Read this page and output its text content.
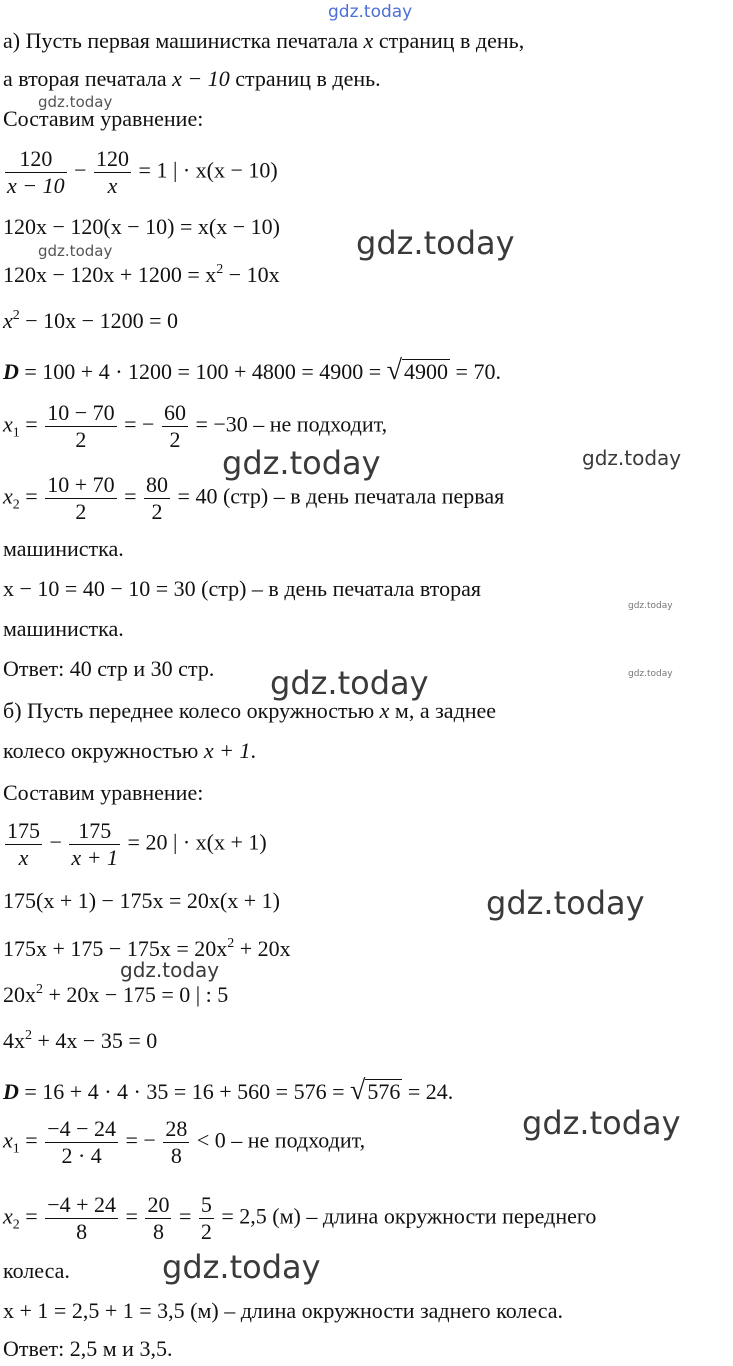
а) Пусть первая машинистка печатала x страниц в день,
а вторая печатала x − 10 страниц в день.
Составим уравнение:
$\frac{120}{x - 10} - \frac{120}{x} = 1$ | · x(x − 10)
120x − 120(x − 10) = x(x − 10)
$120x - 120x + 1200 = x^2 - 10x$
$x^2 - 10x - 1200 = 0$
D = 100 + 4 · 1200 = 100 + 4800 = 4900 = √4900 = 70.
$x_1 = \frac{10 - 70}{2}$ = − $\frac{60}{2} = -30$ – не подходит,
$x_2 = \frac{10 + 70}{2} = \frac{80}{2} = 40$ (стр) – в день печатала первая
машинистка.
x − 10 = 40 − 10 = 30 (стр) – в день печатала вторая
машинистка.
Ответ: 40 стр и 30 стр.
б) Пусть переднее колесо окружностью x м, а заднее
колесо окружностью x + 1.
Составим уравнение:
$\frac{175}{x} - \frac{175}{x + 1} = 20$ | · x(x + 1)
175(x + 1) − 175x = 20x(x + 1)
$175x + 175 - 175x = 20x^2 + 20x$
$20x^2 + 20x - 175 = 0$ | : 5
$4x^2 + 4x - 35 = 0$
D = 16 + 4 · 4 · 35 = 16 + 560 = 576 = √576 = 24.
$x_1 = \frac{-4 - 24}{2 \cdot 4}$ = − $\frac{28}{8} < 0$ – не подходит,
$x_2 = \frac{-4 + 24}{8} = \frac{20}{8} = \frac{5}{2} = 2,5$ (м) – длина окружности переднего
колеса.
x + 1 = 2,5 + 1 = 3,5 (м) – длина окружности заднего колеса.
Ответ: 2,5 м и 3,5.
gdz.today
gdz.today
gdz.today
gdz.today
gdz.today	gdz.today
gdz.today
gdz.today
gdz.today
gdz.today
gdz.today
gdz.today
gdz.today
